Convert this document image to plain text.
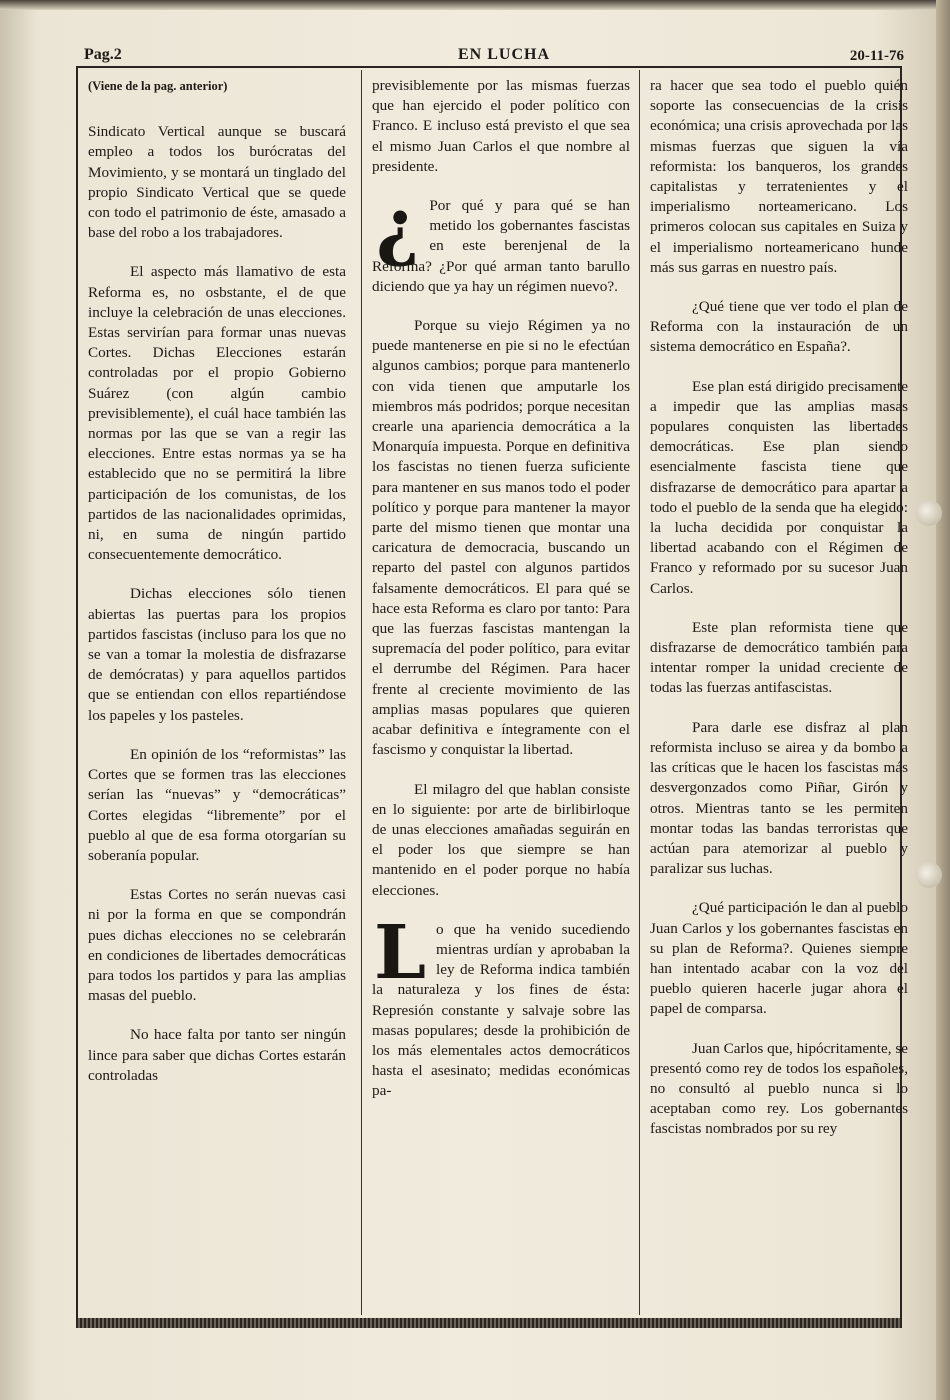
Pag.2	EN LUCHA	20-11-76

(Viene de la pag. anterior)

Sindicato Vertical aunque se buscará empleo a todos los burócratas del Movimiento, y se montará un tinglado del propio Sindicato Vertical que se quede con todo el patrimonio de éste, amasado a base del robo a los trabajadores.

El aspecto más llamativo de esta Reforma es, no osbstante, el de que incluye la celebración de unas elecciones. Estas servirían para formar unas nuevas Cortes. Dichas Elecciones estarán controladas por el propio Gobierno Suárez (con algún cambio previsiblemente), el cuál hace también las normas por las que se van a regir las elecciones. Entre estas normas ya se ha establecido que no se permitirá la libre participación de los comunistas, de los partidos de las nacionalidades oprimidas, ni, en suma de ningún partido consecuentemente democrático.

Dichas elecciones sólo tienen abiertas las puertas para los propios partidos fascistas (incluso para los que no se van a tomar la molestia de disfrazarse de demócratas) y para aquellos partidos que se entiendan con ellos repartiéndose los papeles y los pasteles.

En opinión de los “reformistas” las Cortes que se formen tras las elecciones serían las “nuevas” y “democráticas” Cortes elegidas “libremente” por el pueblo al que de esa forma otorgarían su soberanía popular.

Estas Cortes no serán nuevas casi ni por la forma en que se compondrán pues dichas elecciones no se celebrarán en condiciones de libertades democráticas para todos los partidos y para las amplias masas del pueblo.

No hace falta por tanto ser ningún lince para saber que dichas Cortes estarán controladas

previsiblemente por las mismas fuerzas que han ejercido el poder político con Franco. E incluso está previsto el que sea el mismo Juan Carlos el que nombre al presidente.

¿ Por qué y para qué se han metido los gobernantes fascistas en este berenjenal de la Reforma? ¿Por qué arman tanto barullo diciendo que ya hay un régimen nuevo?.

Porque su viejo Régimen ya no puede mantenerse en pie si no le efectúan algunos cambios; porque para mantenerlo con vida tienen que amputarle los miembros más podridos; porque necesitan crearle una apariencia democrática a la Monarquía impuesta. Porque en definitiva los fascistas no tienen fuerza suficiente para mantener en sus manos todo el poder político y porque para mantener la mayor parte del mismo tienen que montar una caricatura de democracia, buscando un reparto del pastel con algunos partidos falsamente democráticos. El para qué se hace esta Reforma es claro por tanto: Para que las fuerzas fascistas mantengan la supremacía del poder político, para evitar el derrumbe del Régimen. Para hacer frente al creciente movimiento de las amplias masas populares que quieren acabar definitiva e íntegramente con el fascismo y conquistar la libertad.

El milagro del que hablan consiste en lo siguiente: por arte de birlibirloque de unas elecciones amañadas seguirán en el poder los que siempre se han mantenido en el poder porque no había elecciones.

Lo que ha venido sucediendo mientras urdían y aprobaban la ley de Reforma indica también la naturaleza y los fines de ésta: Represión constante y salvaje sobre las masas populares; desde la prohibición de los más elementales actos democráticos hasta el asesinato; medidas económicas pa-

ra hacer que sea todo el pueblo quién soporte las consecuencias de la crisis económica; una crisis aprovechada por las mismas fuerzas que siguen la vía reformista: los banqueros, los grandes capitalistas y terratenientes y el imperialismo norteamericano. Los primeros colocan sus capitales en Suiza y el imperialismo norteamericano hunde más sus garras en nuestro país.

¿Qué tiene que ver todo el plan de Reforma con la instauración de un sistema democrático en España?.

Ese plan está dirigido precisamente a impedir que las amplias masas populares conquisten las libertades democráticas. Ese plan siendo esencialmente fascista tiene que disfrazarse de democrático para apartar a todo el pueblo de la senda que ha elegido: la lucha decidida por conquistar la libertad acabando con el Régimen de Franco y reformado por su sucesor Juan Carlos.

Este plan reformista tiene que disfrazarse de democrático también para intentar romper la unidad creciente de todas las fuerzas antifascistas.

Para darle ese disfraz al plan reformista incluso se airea y da bombo a las críticas que le hacen los fascistas más desvergonzados como Piñar, Girón y otros. Mientras tanto se les permiten montar todas las bandas terroristas que actúan para atemorizar al pueblo y paralizar sus luchas.

¿Qué participación le dan al pueblo Juan Carlos y los gobernantes fascistas en su plan de Reforma?. Quienes siempre han intentado acabar con la voz del pueblo quieren hacerle jugar ahora el papel de comparsa.

Juan Carlos que, hipócritamente, se presentó como rey de todos los españoles, no consultó al pueblo nunca si lo aceptaban como rey. Los gobernantes fascistas nombrados por su rey
